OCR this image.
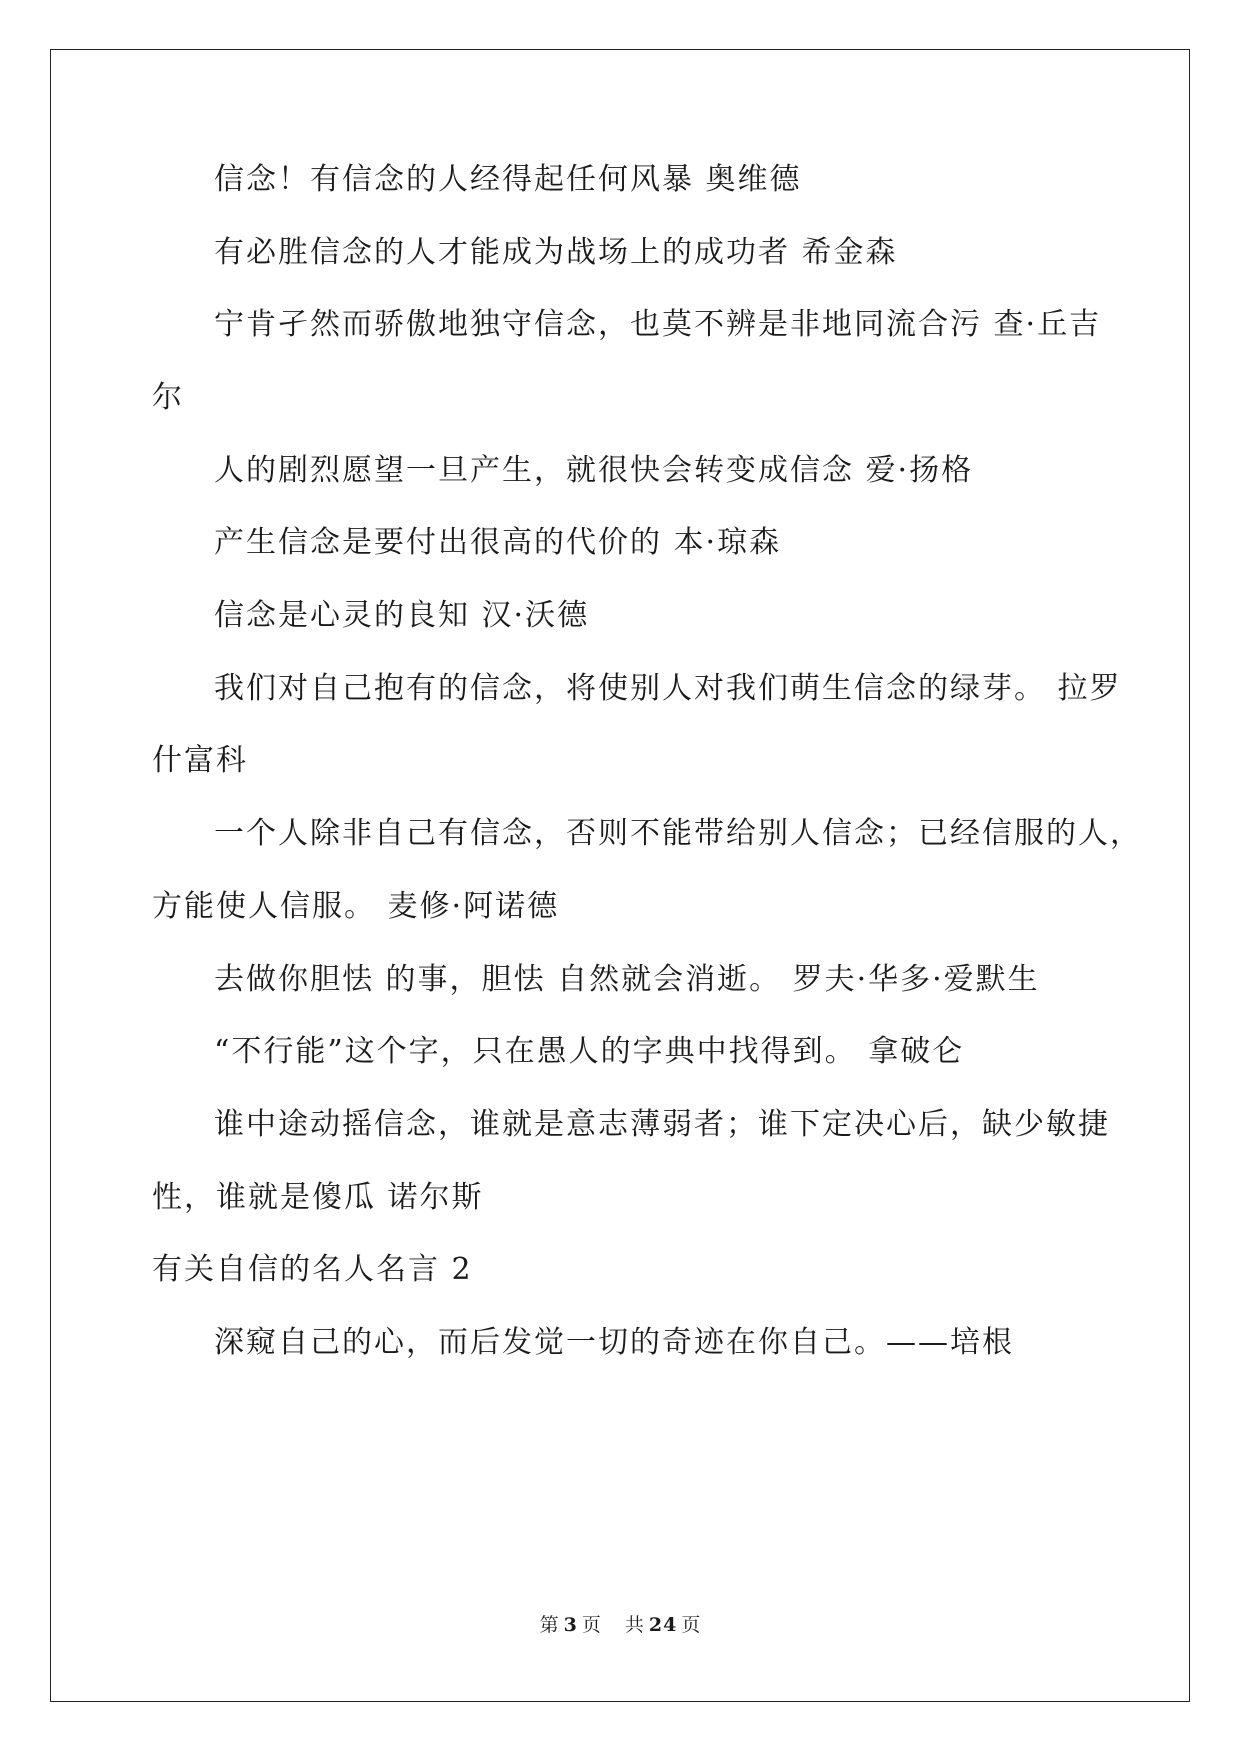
信念！有信念的人经得起任何风暴 奥维德

有必胜信念的人才能成为战场上的成功者 希金森

宁肯孑然而骄傲地独守信念，也莫不辨是非地同流合污 查·丘吉

尔

人的剧烈愿望一旦产生，就很快会转变成信念 爱·扬格

产生信念是要付出很高的代价的 本·琼森

信念是心灵的良知 汉·沃德

我们对自己抱有的信念，将使别人对我们萌生信念的绿芽。 拉罗

什富科

一个人除非自己有信念，否则不能带给别人信念；已经信服的人，

方能使人信服。 麦修·阿诺德

去做你胆怯 的事，胆怯 自然就会消逝。 罗夫·华多·爱默生

“不行能”这个字，只在愚人的字典中找得到。 拿破仑

谁中途动摇信念，谁就是意志薄弱者；谁下定决心后，缺少敏捷

性，谁就是傻瓜 诺尔斯

有关自信的名人名言 2

深窥自己的心，而后发觉一切的奇迹在你自己。——培根

第 3 页 共 24 页
